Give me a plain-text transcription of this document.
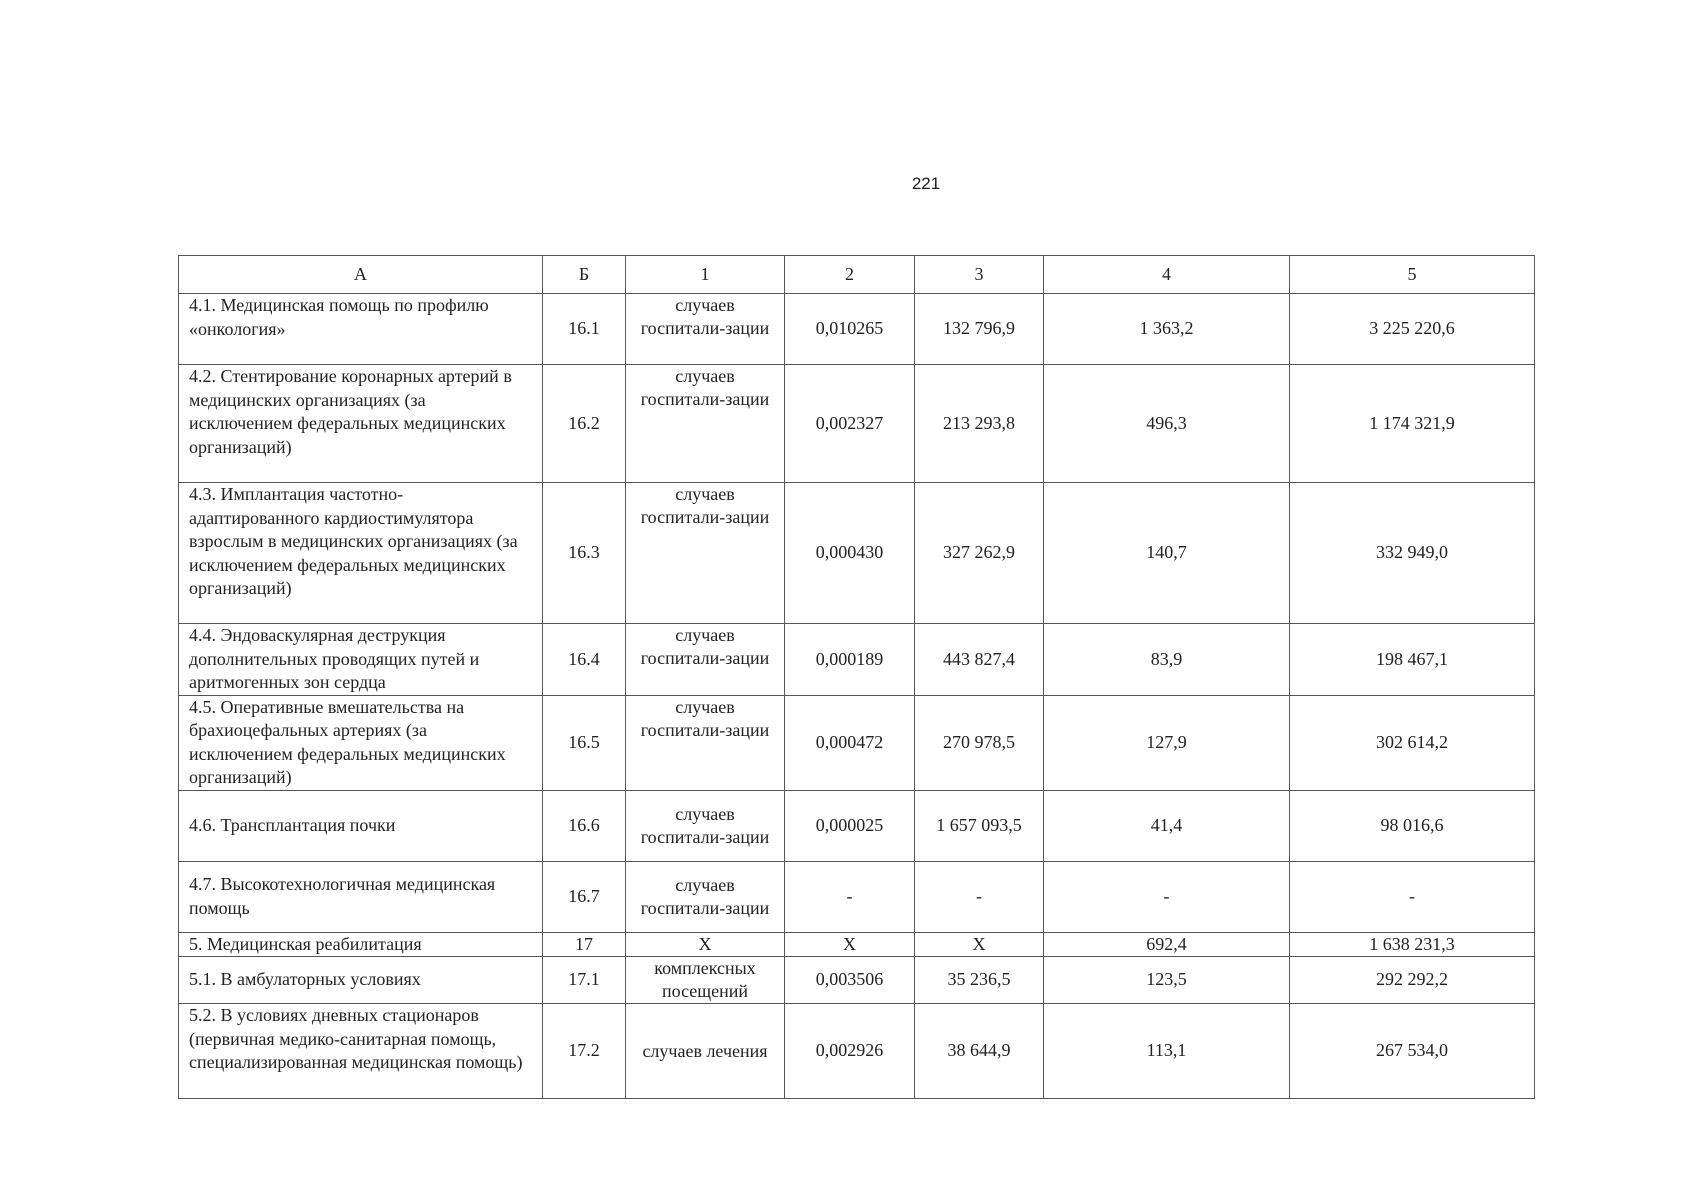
221
А	Б	1	2	3	4	5
4.1. Медицинская помощь по профилю «онкология»	16.1	случаев госпитали-зации	0,010265	132 796,9	1 363,2	3 225 220,6
4.2. Стентирование коронарных артерий в медицинских организациях (за исключением федеральных медицинских организаций)	16.2	случаев госпитали-зации	0,002327	213 293,8	496,3	1 174 321,9
4.3. Имплантация частотно-адаптированного кардиостимулятора взрослым в медицинских организациях (за исключением федеральных медицинских организаций)	16.3	случаев госпитали-зации	0,000430	327 262,9	140,7	332 949,0
4.4. Эндоваскулярная деструкция дополнительных проводящих путей и аритмогенных зон сердца	16.4	случаев госпитали-зации	0,000189	443 827,4	83,9	198 467,1
4.5. Оперативные вмешательства на брахиоцефальных артериях (за исключением федеральных медицинских организаций)	16.5	случаев госпитали-зации	0,000472	270 978,5	127,9	302 614,2
4.6. Трансплантация почки	16.6	случаев госпитали-зации	0,000025	1 657 093,5	41,4	98 016,6
4.7. Высокотехнологичная медицинская помощь	16.7	случаев госпитали-зации	-	-	-	-
5. Медицинская реабилитация	17	Х	Х	Х	692,4	1 638 231,3
5.1. В амбулаторных условиях	17.1	комплексных посещений	0,003506	35 236,5	123,5	292 292,2
5.2. В условиях дневных стационаров (первичная медико-санитарная помощь, специализированная медицинская помощь)	17.2	случаев лечения	0,002926	38 644,9	113,1	267 534,0
